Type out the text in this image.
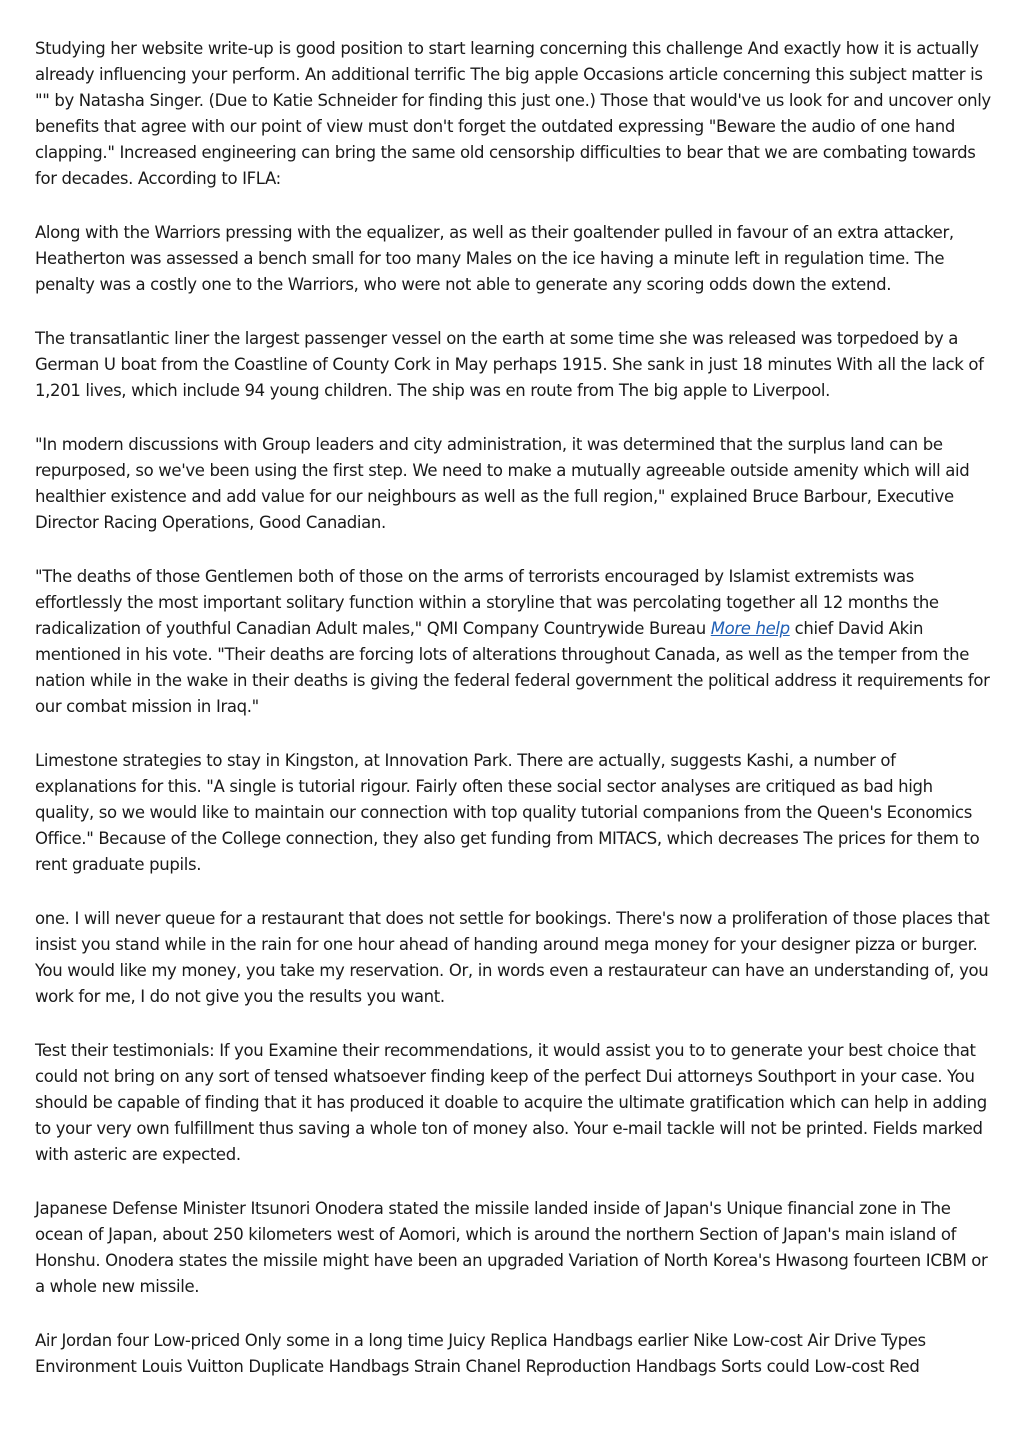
Studying her website write-up is good position to start learning concerning this challenge And exactly how it is actually already influencing your perform. An additional terrific The big apple Occasions article concerning this subject matter is "" by Natasha Singer. (Due to Katie Schneider for finding this just one.) Those that would've us look for and uncover only benefits that agree with our point of view must don't forget the outdated expressing "Beware the audio of one hand clapping." Increased engineering can bring the same old censorship difficulties to bear that we are combating towards for decades. According to IFLA:

Along with the Warriors pressing with the equalizer, as well as their goaltender pulled in favour of an extra attacker, Heatherton was assessed a bench small for too many Males on the ice having a minute left in regulation time. The penalty was a costly one to the Warriors, who were not able to generate any scoring odds down the extend.

The transatlantic liner the largest passenger vessel on the earth at some time she was released was torpedoed by a German U boat from the Coastline of County Cork in May perhaps 1915. She sank in just 18 minutes With all the lack of 1,201 lives, which include 94 young children. The ship was en route from The big apple to Liverpool.

"In modern discussions with Group leaders and city administration, it was determined that the surplus land can be repurposed, so we've been using the first step. We need to make a mutually agreeable outside amenity which will aid healthier existence and add value for our neighbours as well as the full region," explained Bruce Barbour, Executive Director Racing Operations, Good Canadian.

"The deaths of those Gentlemen both of those on the arms of terrorists encouraged by Islamist extremists was effortlessly the most important solitary function within a storyline that was percolating together all 12 months the radicalization of youthful Canadian Adult males," QMI Company Countrywide Bureau More help chief David Akin mentioned in his vote. "Their deaths are forcing lots of alterations throughout Canada, as well as the temper from the nation while in the wake in their deaths is giving the federal federal government the political address it requirements for our combat mission in Iraq."

Limestone strategies to stay in Kingston, at Innovation Park. There are actually, suggests Kashi, a number of explanations for this. "A single is tutorial rigour. Fairly often these social sector analyses are critiqued as bad high quality, so we would like to maintain our connection with top quality tutorial companions from the Queen's Economics Office." Because of the College connection, they also get funding from MITACS, which decreases The prices for them to rent graduate pupils.

one. I will never queue for a restaurant that does not settle for bookings. There's now a proliferation of those places that insist you stand while in the rain for one hour ahead of handing around mega money for your designer pizza or burger. You would like my money, you take my reservation. Or, in words even a restaurateur can have an understanding of, you work for me, I do not give you the results you want.

Test their testimonials: If you Examine their recommendations, it would assist you to to generate your best choice that could not bring on any sort of tensed whatsoever finding keep of the perfect Dui attorneys Southport in your case. You should be capable of finding that it has produced it doable to acquire the ultimate gratification which can help in adding to your very own fulfillment thus saving a whole ton of money also. Your e-mail tackle will not be printed. Fields marked with asteric are expected.

Japanese Defense Minister Itsunori Onodera stated the missile landed inside of Japan's Unique financial zone in The ocean of Japan, about 250 kilometers west of Aomori, which is around the northern Section of Japan's main island of Honshu. Onodera states the missile might have been an upgraded Variation of North Korea's Hwasong fourteen ICBM or a whole new missile.

Air Jordan four Low-priced Only some in a long time Juicy Replica Handbags earlier Nike Low-cost Air Drive Types Environment Louis Vuitton Duplicate Handbags Strain Chanel Reproduction Handbags Sorts could Low-cost Red
